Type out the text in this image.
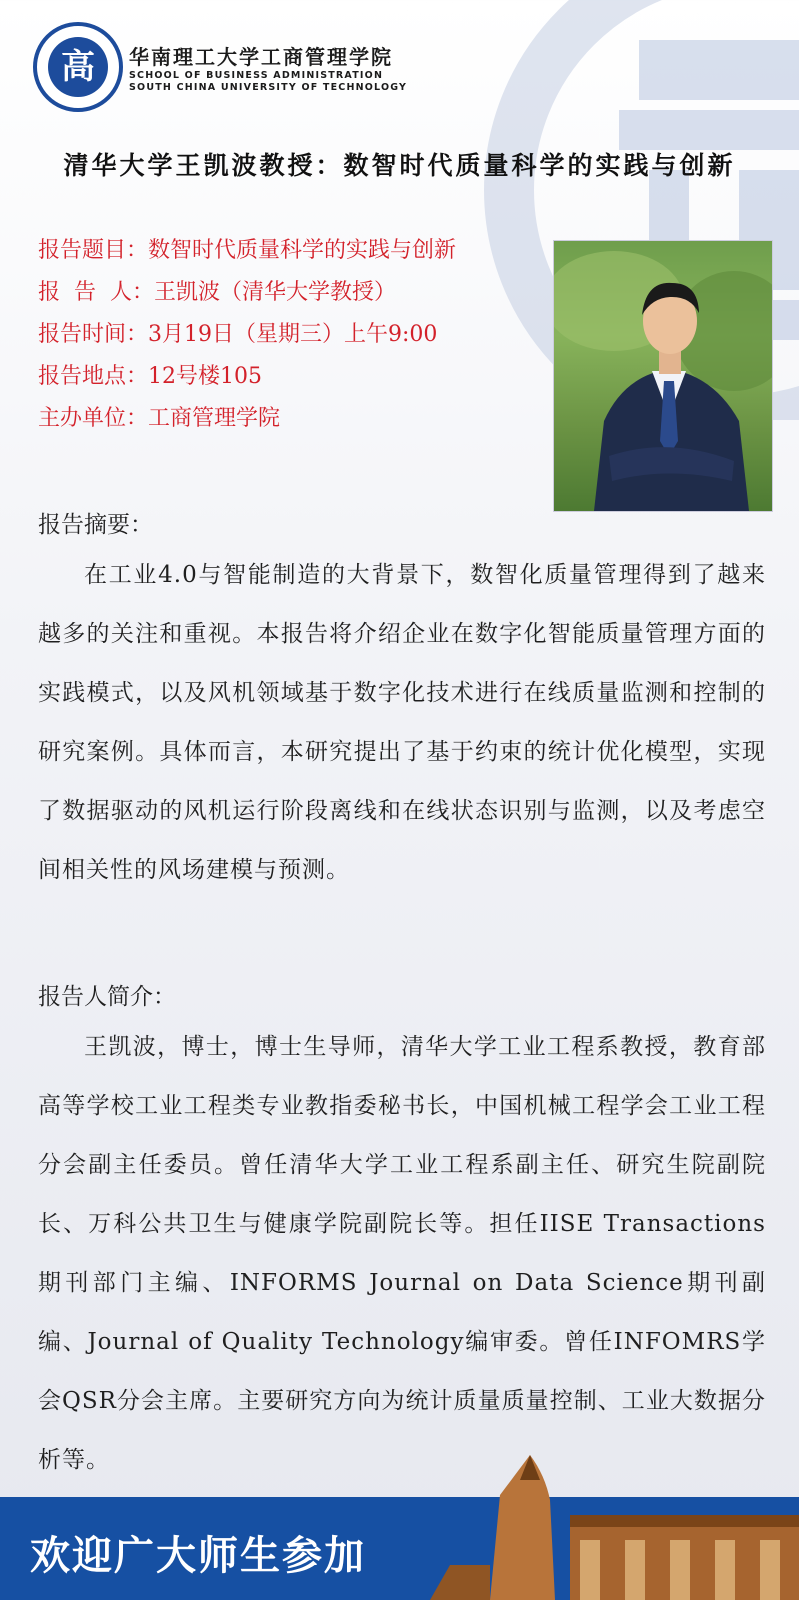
高	华南理工大学工商管理学院
SCHOOL OF BUSINESS ADMINISTRATION
SOUTH CHINA UNIVERSITY OF TECHNOLOGY
清华大学王凯波教授：数智时代质量科学的实践与创新
报告题目：数智时代质量科学的实践与创新
报  告  人：王凯波（清华大学教授）
报告时间：3月19日（星期三）上午9:00
报告地点：12号楼105
主办单位：工商管理学院
报告摘要：
在工业4.0与智能制造的大背景下，数智化质量管理得到了越来越多的关注和重视。本报告将介绍企业在数字化智能质量管理方面的实践模式，以及风机领域基于数字化技术进行在线质量监测和控制的研究案例。具体而言，本研究提出了基于约束的统计优化模型，实现了数据驱动的风机运行阶段离线和在线状态识别与监测，以及考虑空间相关性的风场建模与预测。
报告人简介：
王凯波，博士，博士生导师，清华大学工业工程系教授，教育部高等学校工业工程类专业教指委秘书长，中国机械工程学会工业工程分会副主任委员。曾任清华大学工业工程系副主任、研究生院副院长、万科公共卫生与健康学院副院长等。担任IISE Transactions期刊部门主编、INFORMS Journal on Data Science期刊副编、Journal of Quality Technology编审委。曾任INFOMRS学会QSR分会主席。主要研究方向为统计质量质量控制、工业大数据分析等。
欢迎广大师生参加
